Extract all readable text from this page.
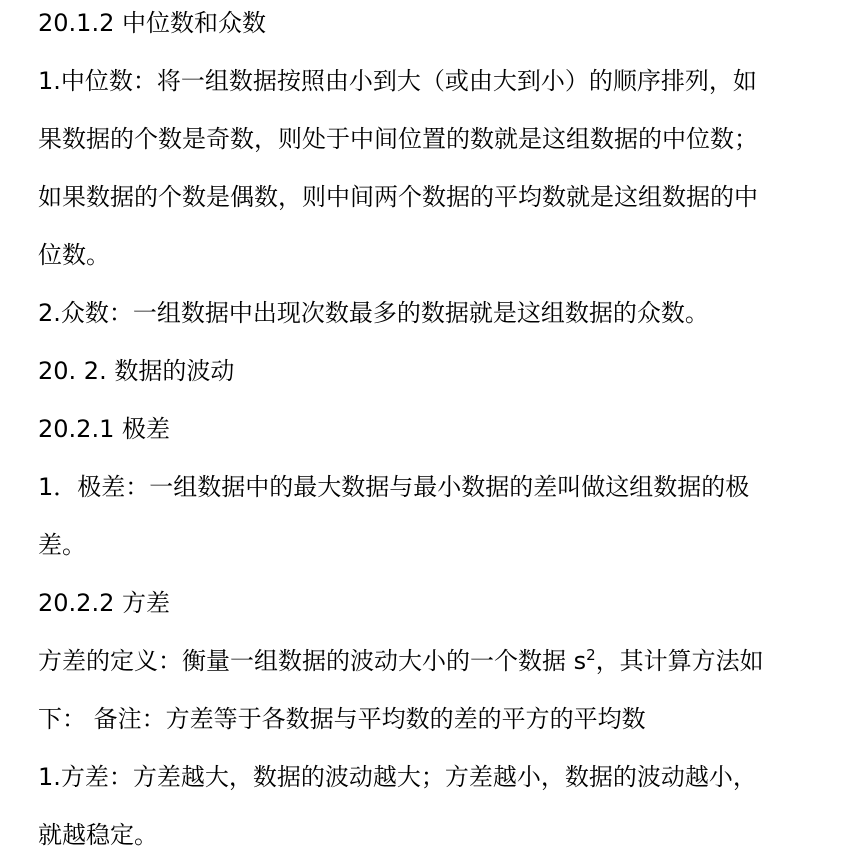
20.1.2 中位数和众数
1.中位数：将一组数据按照由小到大（或由大到小）的顺序排列，如
果数据的个数是奇数，则处于中间位置的数就是这组数据的中位数；
如果数据的个数是偶数，则中间两个数据的平均数就是这组数据的中
位数。
2.众数：一组数据中出现次数最多的数据就是这组数据的众数。
20. 2. 数据的波动
20.2.1 极差
1．极差：一组数据中的最大数据与最小数据的差叫做这组数据的极
差。
20.2.2 方差
方差的定义：衡量一组数据的波动大小的一个数据 $s^2$，其计算方法如
下： 备注：方差等于各数据与平均数的差的平方的平均数
1.方差：方差越大，数据的波动越大；方差越小，数据的波动越小，
就越稳定。
